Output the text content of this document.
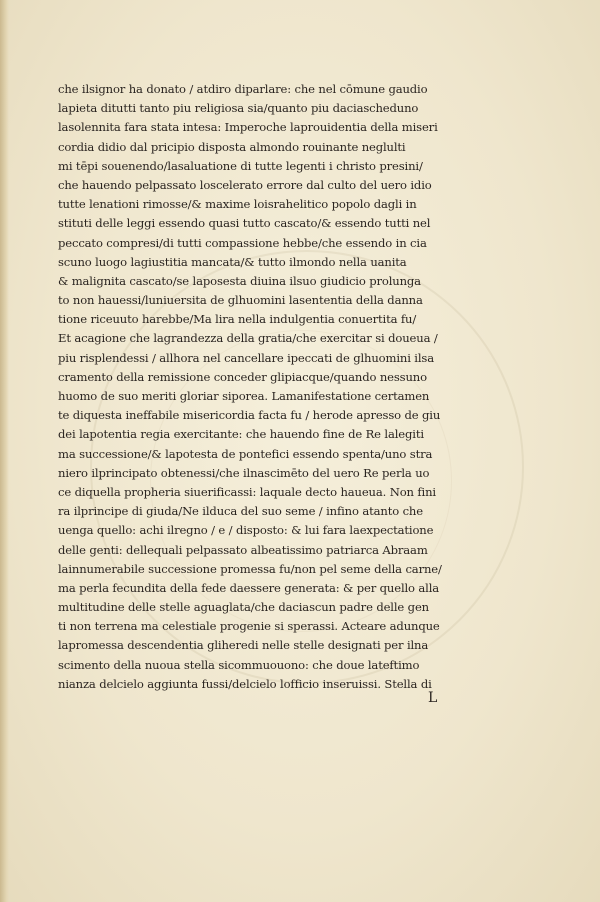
che ilsignor ha donato / atdiro diparlare: che nel cōmune gaudio
lapieta ditutti tanto piu religiosa sia/quanto piu daciascheduno
lasolennita fara stata intesa: Imperoche laprouidentia della miseri
cordia didio dal pricipio disposta almondo rouinante neglulti
mi tēpi souenendo/lasaluatione di tutte legenti i christo presini/
che hauendo pelpassato loscelerato errore dal culto del uero idio
tutte lenationi rimosse/& maxime loisrahelitico popolo dagli in
stituti delle leggi essendo quasi tutto cascato/& essendo tutti nel
peccato compresi/di tutti compassione hebbe/che essendo in cia
scuno luogo lagiustitia mancata/& tutto ilmondo nella uanita
& malignita cascato/se laposesta diuina ilsuo giudicio prolunga
to non hauessi/luniuersita de glhuomini lasententia della danna
tione riceuuto harebbe/Ma lira nella indulgentia conuertita fu/
Et acagione che lagrandezza della gratia/che exercitar si doueua /
piu risplendessi / allhora nel cancellare ipeccati de glhuomini ilsa
cramento della remissione conceder glipiacque/quando nessuno
huomo de suo meriti gloriar siporea. Lamanifestatione certamen
te diquesta ineffabile misericordia facta fu / herode apresso de giu
dei lapotentia regia exercitante: che hauendo fine de Re lalegiti
ma successione/& lapotesta de pontefici essendo spenta/uno stra
niero ilprincipato obtenessi/che ilnascimēto del uero Re perla uo
ce diquella propheria siuerificassi: laquale decto haueua. Non fini
ra ilprincipe di giuda/Ne ilduca del suo seme / infino atanto che
uenga quello: achi ilregno / e / disposto: & lui fara laexpectatione
delle genti: dellequali pelpassato albeatissimo patriarca Abraam
lainnumerabile successione promessa fu/non pel seme della carne/
ma perla fecundita della fede daessere generata: & per quello alla
multitudine delle stelle aguaglata/che daciascun padre delle gen
ti non terrena ma celestiale progenie si sperassi. Acteare adunque
lapromessa descendentia gliheredi nelle stelle designati per ilna
scimento della nuoua stella sicommuouono: che doue lateftimo
nianza delcielo aggiunta fussi/delcielo lofficio inseruissi. Stella di
L
